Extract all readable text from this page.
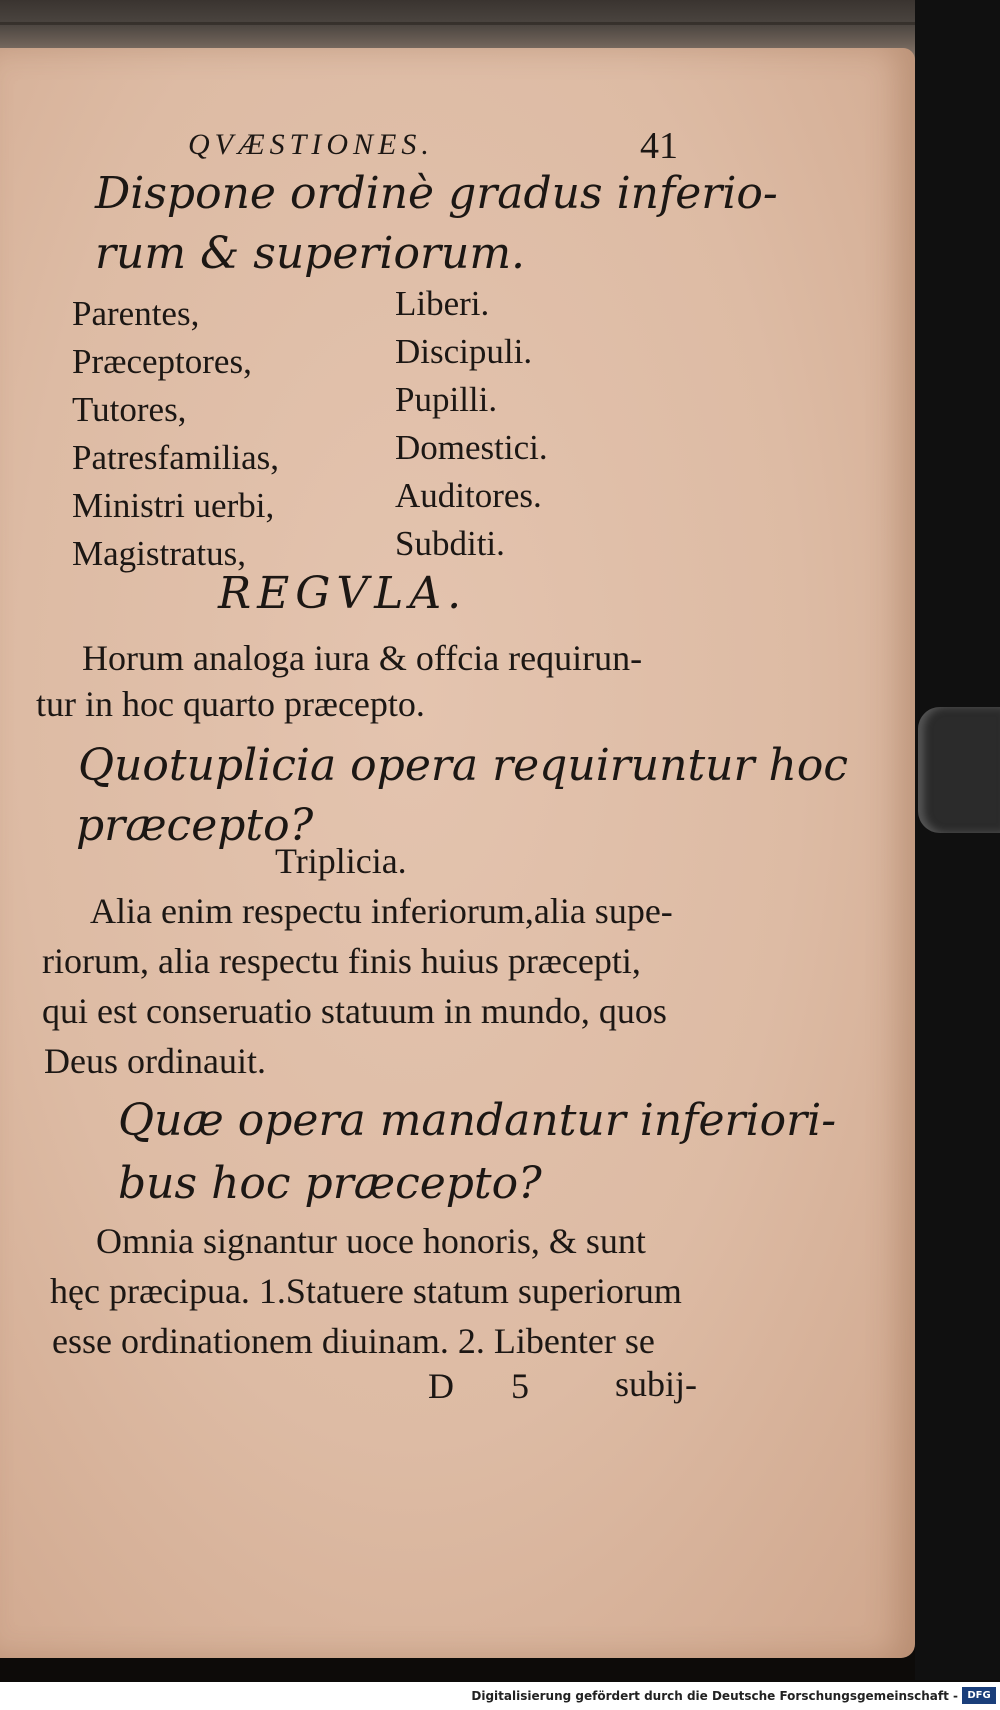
QVÆSTIONES.	41
Dispone ordinè gradus inferio-
rum & superiorum.
Parentes,
Præceptores,
Tutores,
Patresfamilias,
Ministri uerbi,
Magistratus,
Liberi.
Discipuli.
Pupilli.
Domestici.
Auditores.
Subditi.
REGVLA.
Horum analoga iura & offcia requirun-
tur in hoc quarto præcepto.
Quotuplicia opera requiruntur hoc
præcepto?
Triplicia.
Alia enim respectu inferiorum,alia supe-
riorum, alia respectu finis huius præcepti,
qui est conseruatio statuum in mundo, quos
Deus ordinauit.
Quæ opera mandantur inferiori-
bus hoc præcepto?
Omnia signantur uoce honoris, & sunt
hęc præcipua. 1.Statuere statum superiorum
esse ordinationem diuinam. 2. Libenter se
D 5 subij-
Digitalisierung gefördert durch die Deutsche Forschungsgemeinschaft - DFG
